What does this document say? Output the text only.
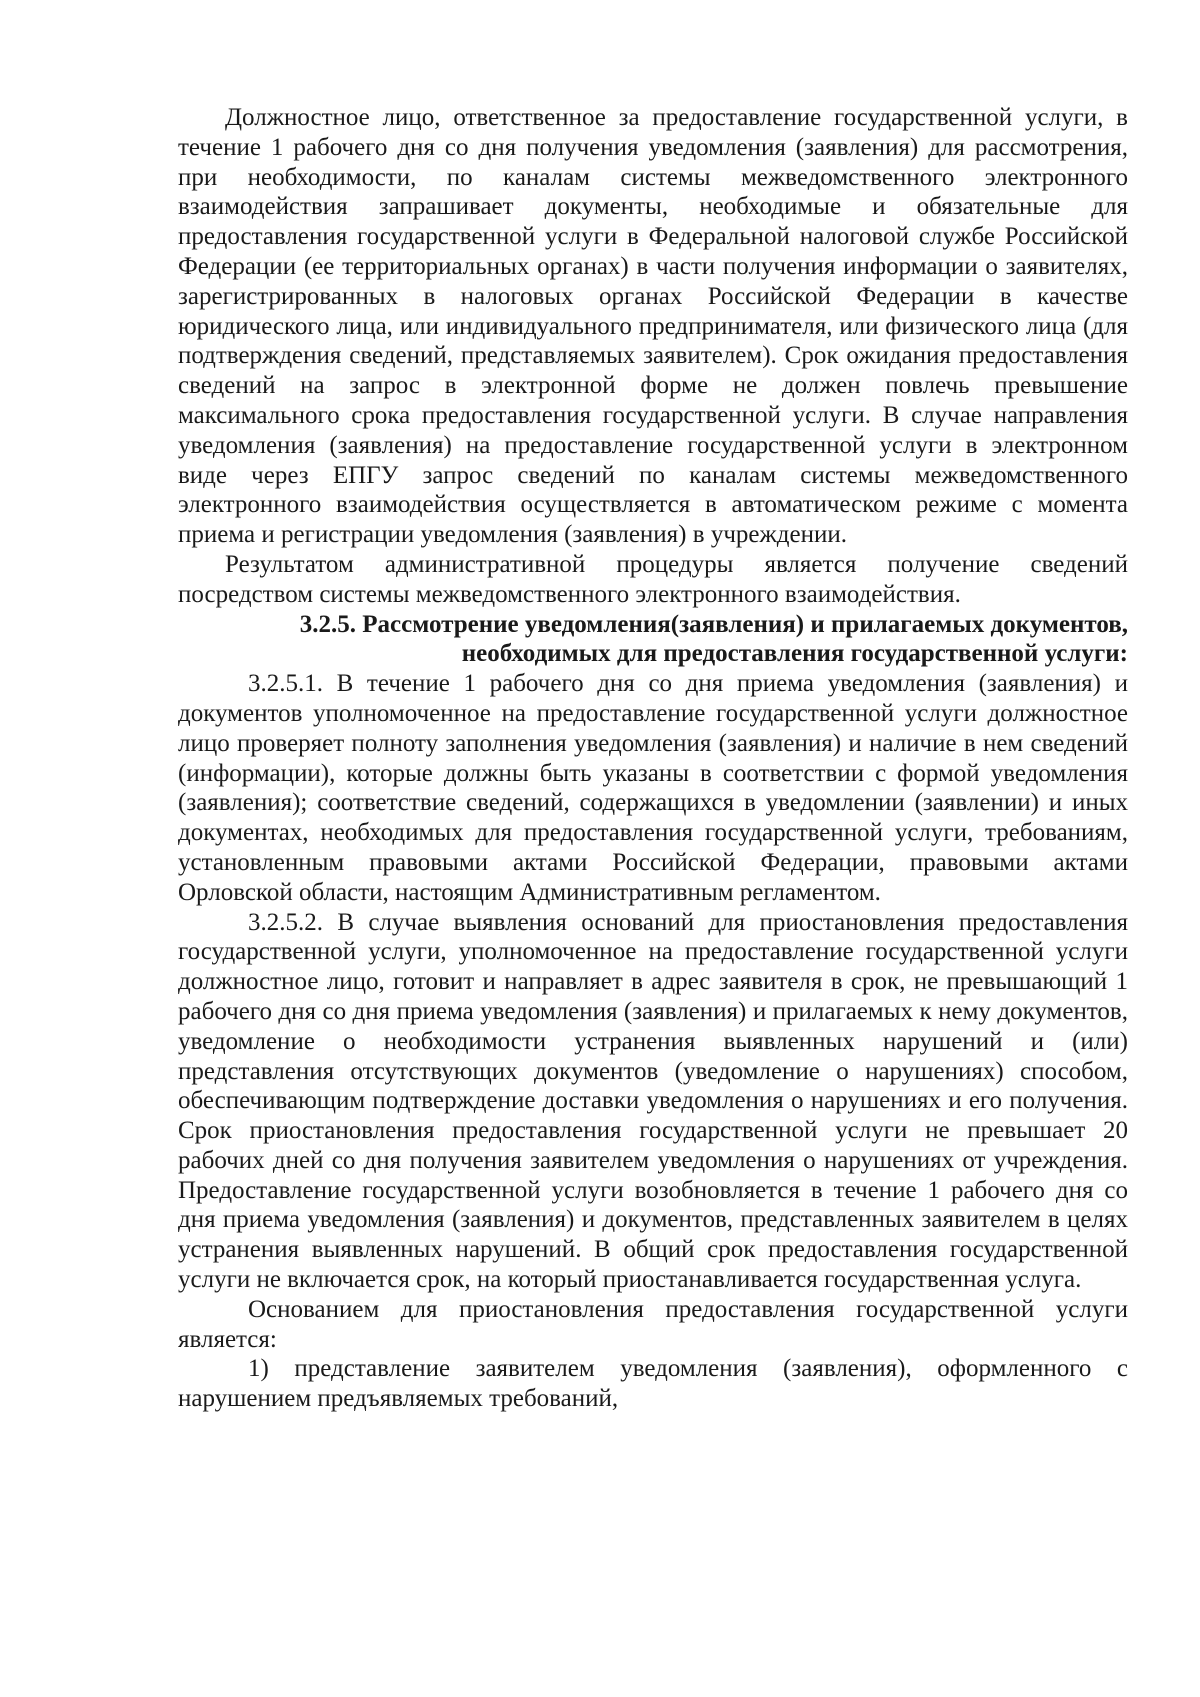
Должностное лицо, ответственное за предоставление государственной услуги, в течение 1 рабочего дня со дня получения уведомления (заявления) для рассмотрения, при необходимости, по каналам системы межведомственного электронного взаимодействия запрашивает документы, необходимые и обязательные для предоставления государственной услуги в Федеральной налоговой службе Российской Федерации (ее территориальных органах) в части получения информации о заявителях, зарегистрированных в налоговых органах Российской Федерации в качестве юридического лица, или индивидуального предпринимателя, или физического лица (для подтверждения сведений, представляемых заявителем). Срок ожидания предоставления сведений на запрос в электронной форме не должен повлечь превышение максимального срока предоставления государственной услуги. В случае направления уведомления (заявления) на предоставление государственной услуги в электронном виде через ЕПГУ запрос сведений по каналам системы межведомственного электронного взаимодействия осуществляется в автоматическом режиме с момента приема и регистрации уведомления (заявления) в учреждении.

Результатом административной процедуры является получение сведений посредством системы межведомственного электронного взаимодействия.

3.2.5. Рассмотрение уведомления(заявления) и прилагаемых документов,

необходимых для предоставления государственной услуги:

3.2.5.1. В течение 1 рабочего дня со дня приема уведомления (заявления) и документов уполномоченное на предоставление государственной услуги должностное лицо проверяет полноту заполнения уведомления (заявления) и наличие в нем сведений (информации), которые должны быть указаны в соответствии с формой уведомления (заявления); соответствие сведений, содержащихся в уведомлении (заявлении) и иных документах, необходимых для предоставления государственной услуги, требованиям, установленным правовыми актами Российской Федерации, правовыми актами Орловской области, настоящим Административным регламентом.

3.2.5.2. В случае выявления оснований для приостановления предоставления государственной услуги, уполномоченное на предоставление государственной услуги должностное лицо, готовит и направляет в адрес заявителя в срок, не превышающий 1 рабочего дня со дня приема уведомления (заявления) и прилагаемых к нему документов, уведомление о необходимости устранения выявленных нарушений и (или) представления отсутствующих документов (уведомление о нарушениях) способом, обеспечивающим подтверждение доставки уведомления о нарушениях и его получения. Срок приостановления предоставления государственной услуги не превышает 20 рабочих дней со дня получения заявителем уведомления о нарушениях от учреждения. Предоставление государственной услуги возобновляется в течение 1 рабочего дня со дня приема уведомления (заявления) и документов, представленных заявителем в целях устранения выявленных нарушений. В общий срок предоставления государственной услуги не включается срок, на который приостанавливается государственная услуга.

Основанием для приостановления предоставления государственной услуги является:

1) представление заявителем уведомления (заявления), оформленного с нарушением предъявляемых требований,
